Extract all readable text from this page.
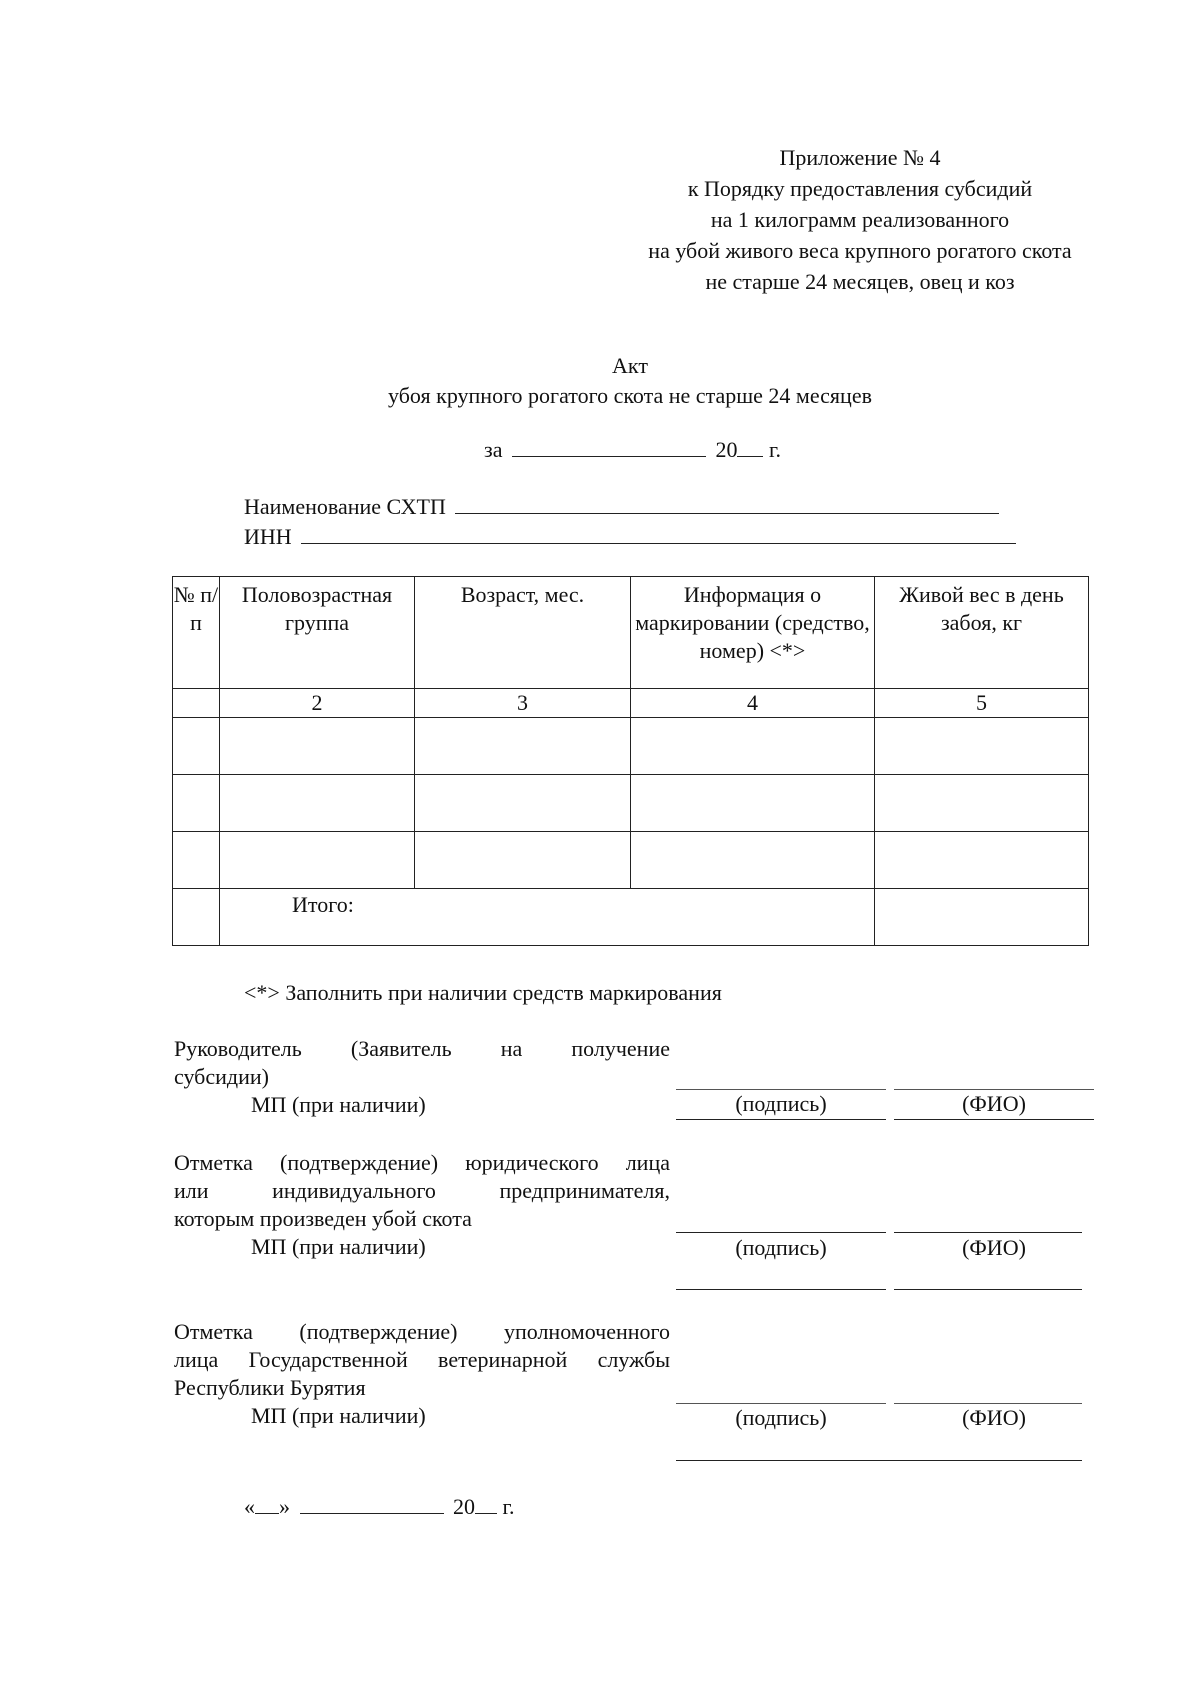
Приложение № 4
к Порядку предоставления субсидий
на 1 килограмм реализованного
на убой живого веса крупного рогатого скота
не старше 24 месяцев, овец и коз
Акт
убоя крупного рогатого скота не старше 24 месяцев
за	20 г.
Наименование СХТП
ИНН
№ п/п	Половозрастная группа	Возраст, мес.	Информация о маркировании (средство, номер) <*>	Живой вес в день забоя, кг
	2	3	4	5

	Итого:			
<*> Заполнить при наличии средств маркирования
Руководитель (Заявитель на получение
субсидии)
МП (при наличии)	(подпись)	(ФИО)
Отметка (подтверждение) юридического лица
или индивидуального предпринимателя,
которым произведен убой скота
МП (при наличии)	(подпись)	(ФИО)
Отметка (подтверждение) уполномоченного
лица Государственной ветеринарной службы
Республики Бурятия
МП (при наличии)	(подпись)	(ФИО)
« »	20 г.
